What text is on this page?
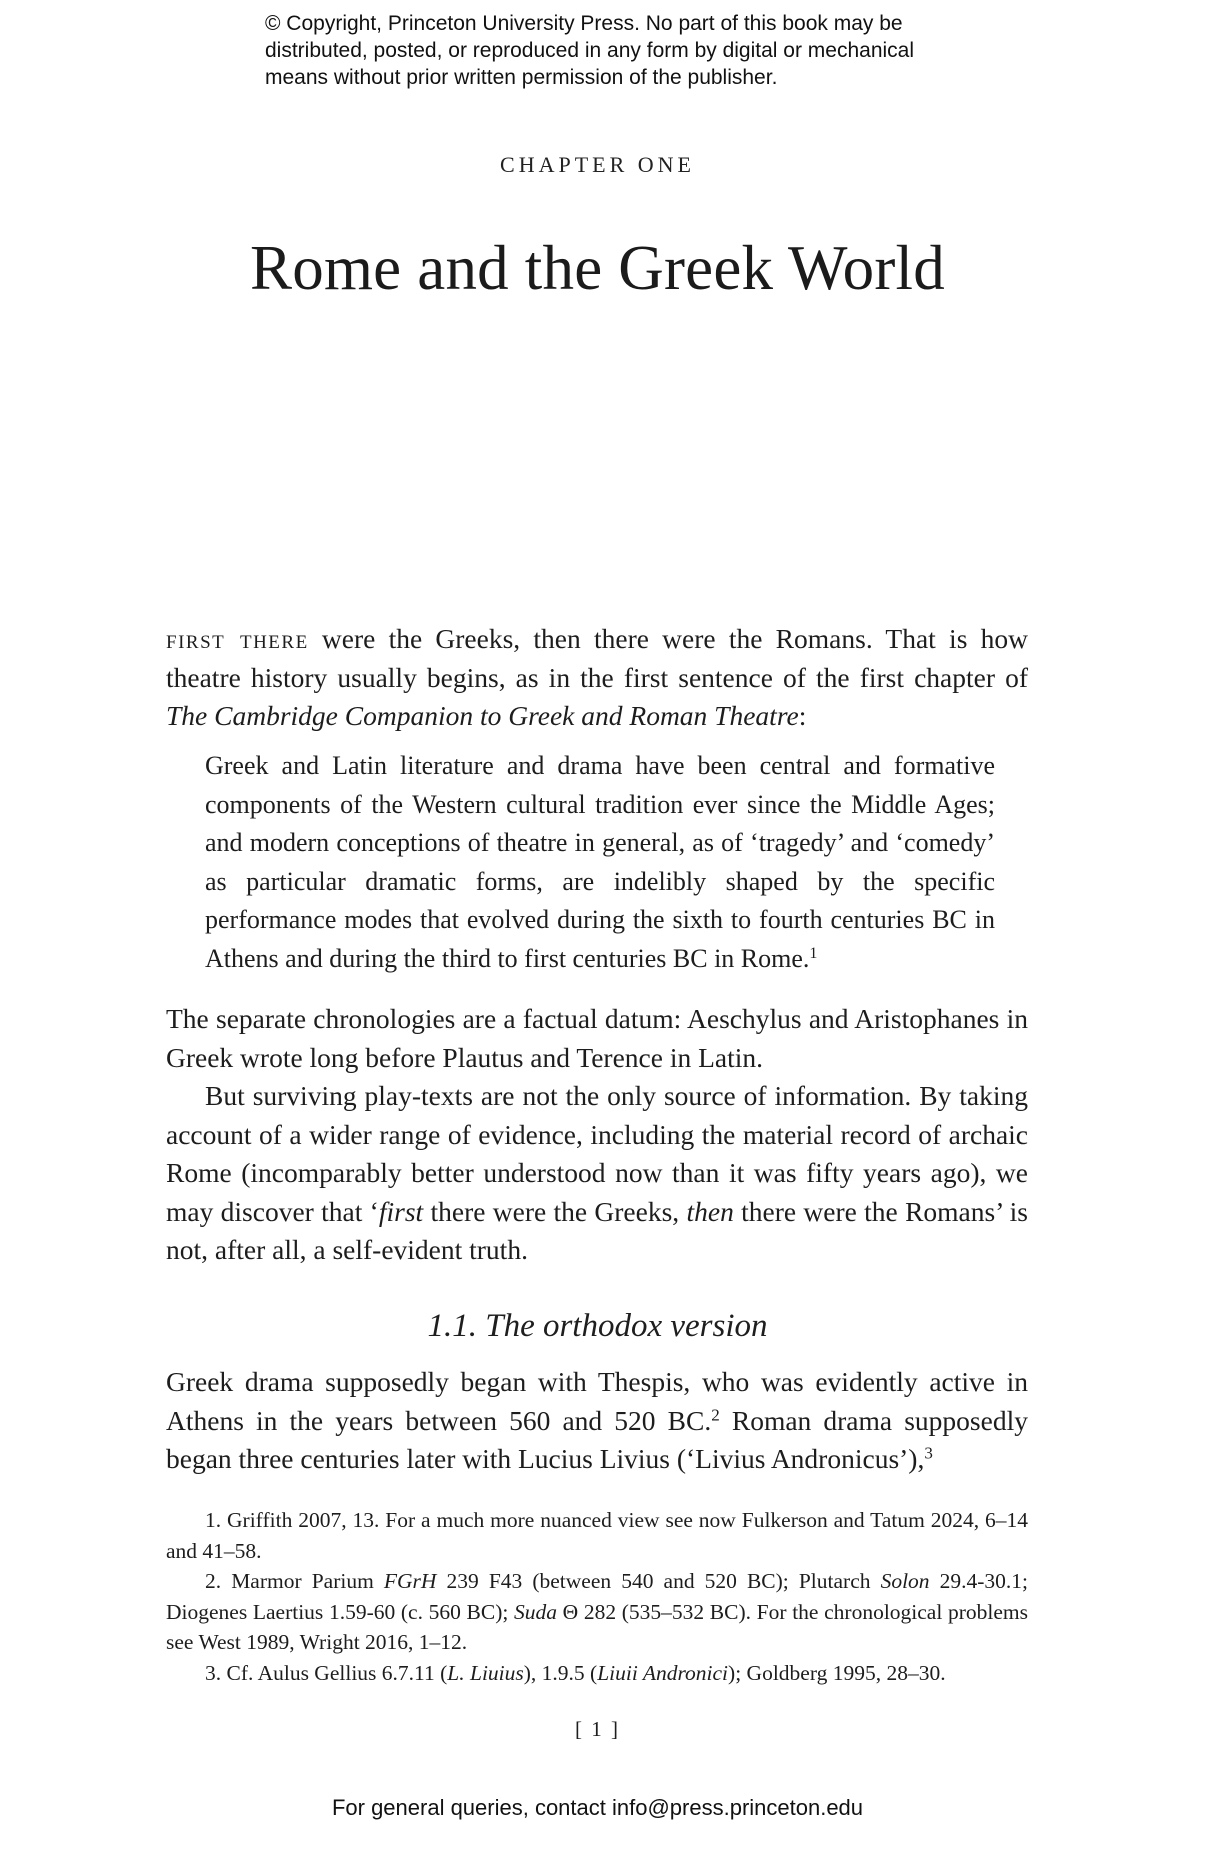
© Copyright, Princeton University Press. No part of this book may be
distributed, posted, or reproduced in any form by digital or mechanical
means without prior written permission of the publisher.
CHAPTER ONE
Rome and the Greek World

first there were the Greeks, then there were the Romans. That is how theatre history usually begins, as in the first sentence of the first chapter of The Cambridge Companion to Greek and Roman Theatre:

Greek and Latin literature and drama have been central and formative components of the Western cultural tradition ever since the Middle Ages; and modern conceptions of theatre in general, as of ‘tragedy’ and ‘comedy’ as particular dramatic forms, are indelibly shaped by the specific performance modes that evolved during the sixth to fourth centuries BC in Athens and during the third to first centuries BC in Rome.$^1$

The separate chronologies are a factual datum: Aeschylus and Aristophanes in Greek wrote long before Plautus and Terence in Latin.

But surviving play-texts are not the only source of information. By taking account of a wider range of evidence, including the material record of archaic Rome (incomparably better understood now than it was fifty years ago), we may discover that ‘first there were the Greeks, then there were the Romans’ is not, after all, a self-evident truth.

1.1. The orthodox version

Greek drama supposedly began with Thespis, who was evidently active in Athens in the years between 560 and 520 BC.$^2$ Roman drama supposedly began three centuries later with Lucius Livius (‘Livius Andronicus’),$^3$

1. Griffith 2007, 13. For a much more nuanced view see now Fulkerson and Tatum 2024, 6–14 and 41–58.

2. Marmor Parium FGrH 239 F43 (between 540 and 520 BC); Plutarch Solon 29.4-30.1; Diogenes Laertius 1.59-60 (c. 560 BC); Suda Θ 282 (535–532 BC). For the chronological problems see West 1989, Wright 2016, 1–12.

3. Cf. Aulus Gellius 6.7.11 (L. Liuius), 1.9.5 (Liuii Andronici); Goldberg 1995, 28–30.

[ 1 ]
For general queries, contact info@press.princeton.edu
